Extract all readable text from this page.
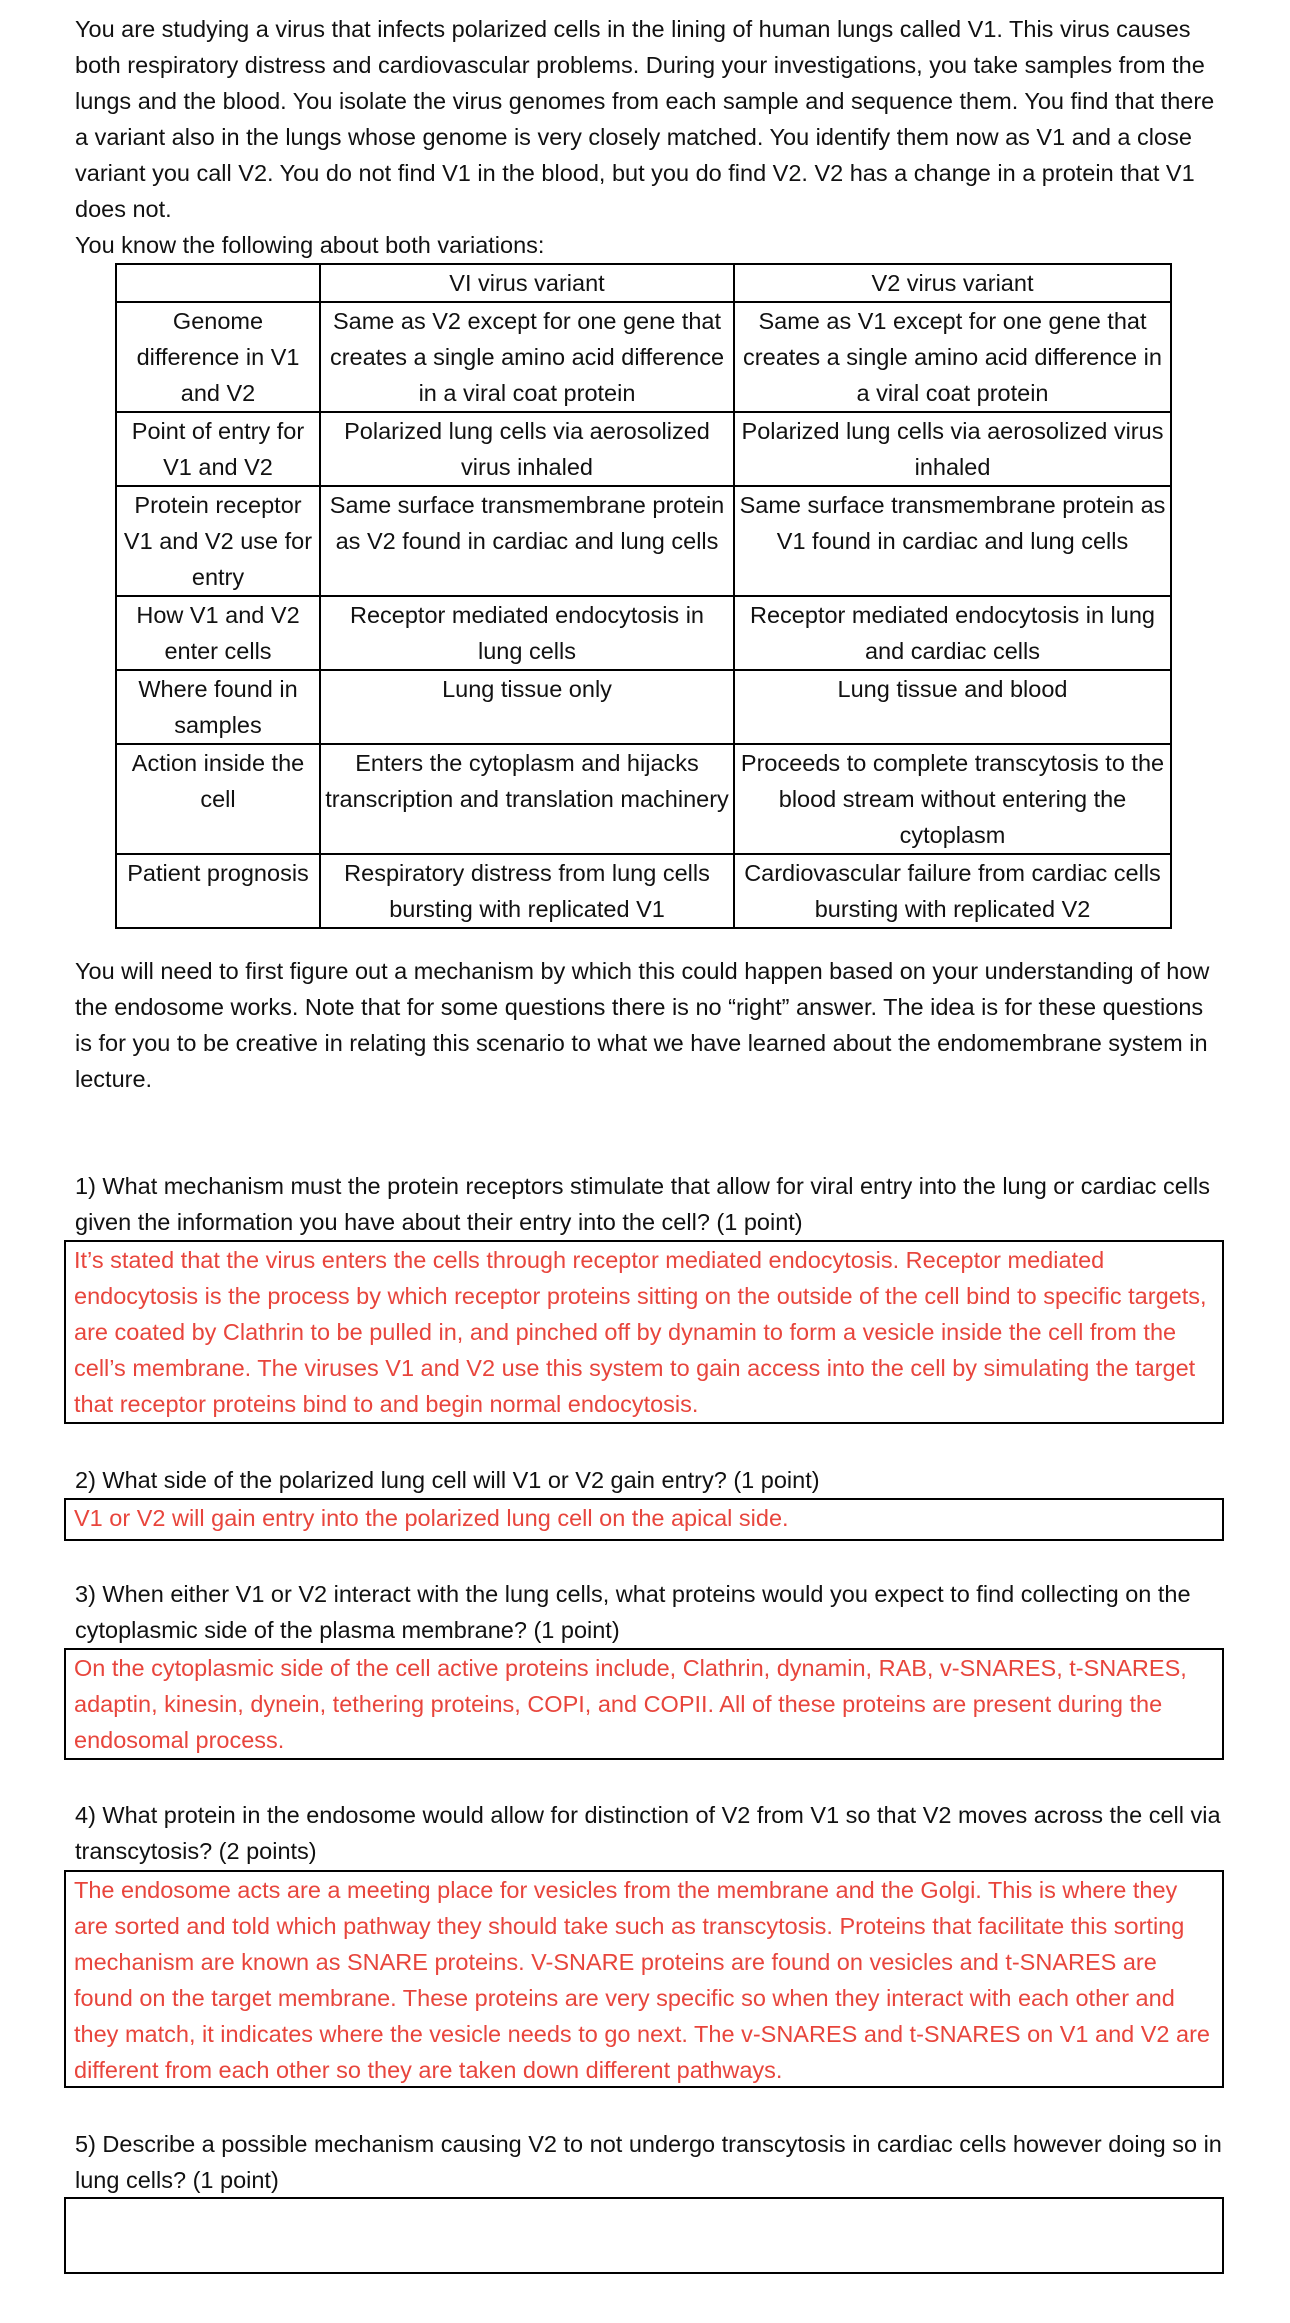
You are studying a virus that infects polarized cells in the lining of human lungs called V1. This virus causes both respiratory distress and cardiovascular problems. During your investigations, you take samples from the lungs and the blood. You isolate the virus genomes from each sample and sequence them. You find that there a variant also in the lungs whose genome is very closely matched. You identify them now as V1 and a close variant you call V2. You do not find V1 in the blood, but you do find V2. V2 has a change in a protein that V1 does not.

You know the following about both variations:

	VI virus variant	V2 virus variant
Genome difference in V1 and V2	Same as V2 except for one gene that creates a single amino acid difference in a viral coat protein	Same as V1 except for one gene that creates a single amino acid difference in a viral coat protein
Point of entry for V1 and V2	Polarized lung cells via aerosolized virus inhaled	Polarized lung cells via aerosolized virus inhaled
Protein receptor V1 and V2 use for entry	Same surface transmembrane protein as V2 found in cardiac and lung cells	Same surface transmembrane protein as V1 found in cardiac and lung cells
How V1 and V2 enter cells	Receptor mediated endocytosis in lung cells	Receptor mediated endocytosis in lung and cardiac cells
Where found in samples	Lung tissue only	Lung tissue and blood
Action inside the cell	Enters the cytoplasm and hijacks transcription and translation machinery	Proceeds to complete transcytosis to the blood stream without entering the cytoplasm
Patient prognosis	Respiratory distress from lung cells bursting with replicated V1	Cardiovascular failure from cardiac cells bursting with replicated V2

You will need to first figure out a mechanism by which this could happen based on your understanding of how the endosome works. Note that for some questions there is no “right” answer. The idea is for these questions is for you to be creative in relating this scenario to what we have learned about the endomembrane system in lecture.

1) What mechanism must the protein receptors stimulate that allow for viral entry into the lung or cardiac cells given the information you have about their entry into the cell? (1 point)

It’s stated that the virus enters the cells through receptor mediated endocytosis. Receptor mediated endocytosis is the process by which receptor proteins sitting on the outside of the cell bind to specific targets, are coated by Clathrin to be pulled in, and pinched off by dynamin to form a vesicle inside the cell from the cell’s membrane. The viruses V1 and V2 use this system to gain access into the cell by simulating the target that receptor proteins bind to and begin normal endocytosis.

2) What side of the polarized lung cell will V1 or V2 gain entry? (1 point)

V1 or V2 will gain entry into the polarized lung cell on the apical side.

3) When either V1 or V2 interact with the lung cells, what proteins would you expect to find collecting on the cytoplasmic side of the plasma membrane? (1 point)

On the cytoplasmic side of the cell active proteins include, Clathrin, dynamin, RAB, v-SNARES, t-SNARES, adaptin, kinesin, dynein, tethering proteins, COPI, and COPII. All of these proteins are present during the endosomal process.

4) What protein in the endosome would allow for distinction of V2 from V1 so that V2 moves across the cell via transcytosis? (2 points)

The endosome acts are a meeting place for vesicles from the membrane and the Golgi. This is where they are sorted and told which pathway they should take such as transcytosis. Proteins that facilitate this sorting mechanism are known as SNARE proteins. V-SNARE proteins are found on vesicles and t-SNARES are found on the target membrane. These proteins are very specific so when they interact with each other and they match, it indicates where the vesicle needs to go next. The v-SNARES and t-SNARES on V1 and V2 are different from each other so they are taken down different pathways.

5) Describe a possible mechanism causing V2 to not undergo transcytosis in cardiac cells however doing so in lung cells? (1 point)
